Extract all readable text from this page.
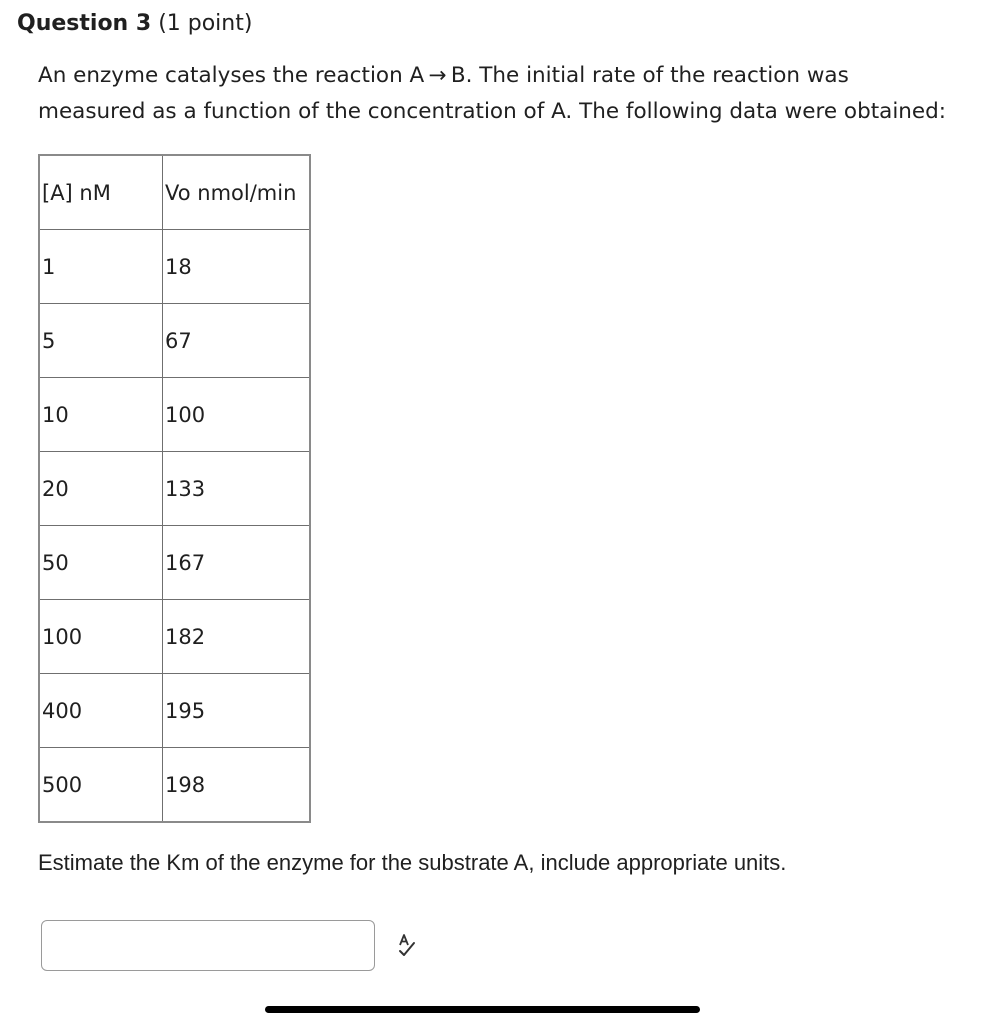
Question 3 (1 point)

An enzyme catalyses the reaction A → B. The initial rate of the reaction was

measured as a function of the concentration of A. The following data were obtained:

[A] nM	Vo nmol/min
1	18
5	67
10	100
20	133
50	167
100	182
400	195
500	198
Estimate the Km of the enzyme for the substrate A, include appropriate units.
